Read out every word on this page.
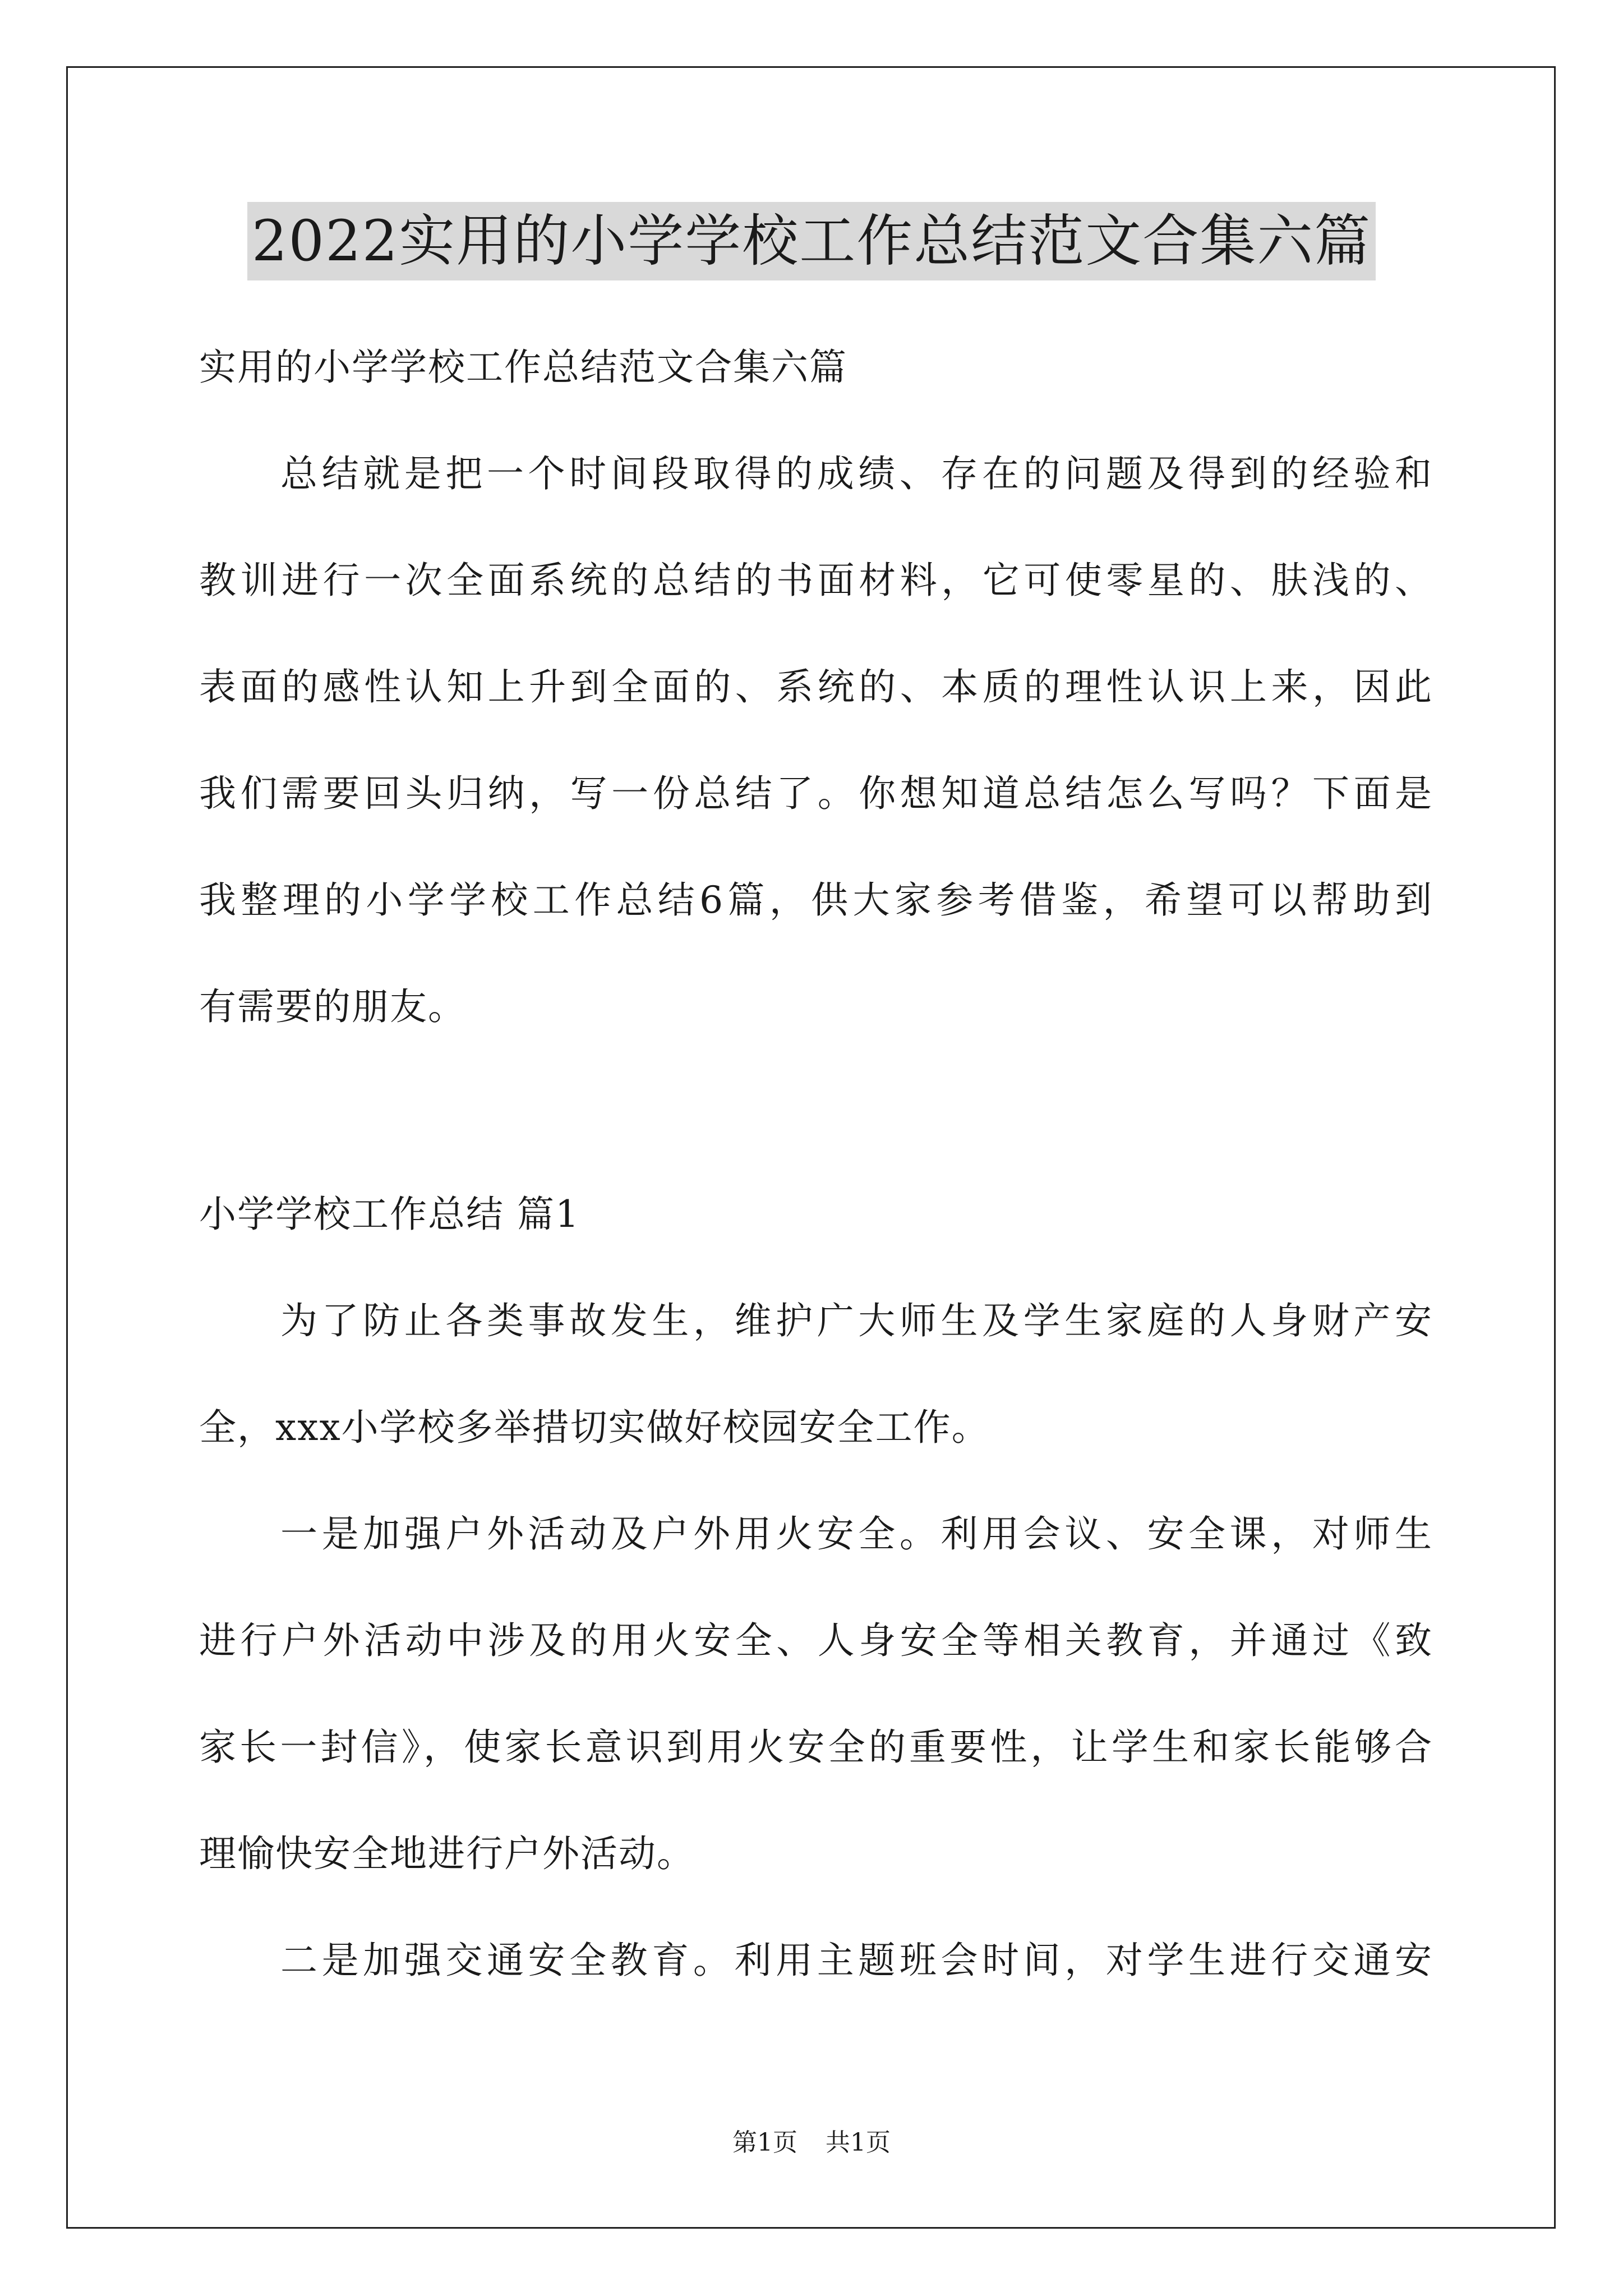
2022实用的小学学校工作总结范文合集六篇
实用的小学学校工作总结范文合集六篇
总结就是把一个时间段取得的成绩、存在的问题及得到的经验和
教训进行一次全面系统的总结的书面材料，它可使零星的、肤浅的、
表面的感性认知上升到全面的、系统的、本质的理性认识上来，因此
我们需要回头归纳，写一份总结了。你想知道总结怎么写吗？下面是
我整理的小学学校工作总结6篇，供大家参考借鉴，希望可以帮助到
有需要的朋友。
小学学校工作总结 篇1
为了防止各类事故发生，维护广大师生及学生家庭的人身财产安
全，xxx小学校多举措切实做好校园安全工作。
一是加强户外活动及户外用火安全。利用会议、安全课，对师生
进行户外活动中涉及的用火安全、人身安全等相关教育，并通过《致
家长一封信》，使家长意识到用火安全的重要性，让学生和家长能够合
理愉快安全地进行户外活动。
二是加强交通安全教育。利用主题班会时间，对学生进行交通安
第1页 共1页
